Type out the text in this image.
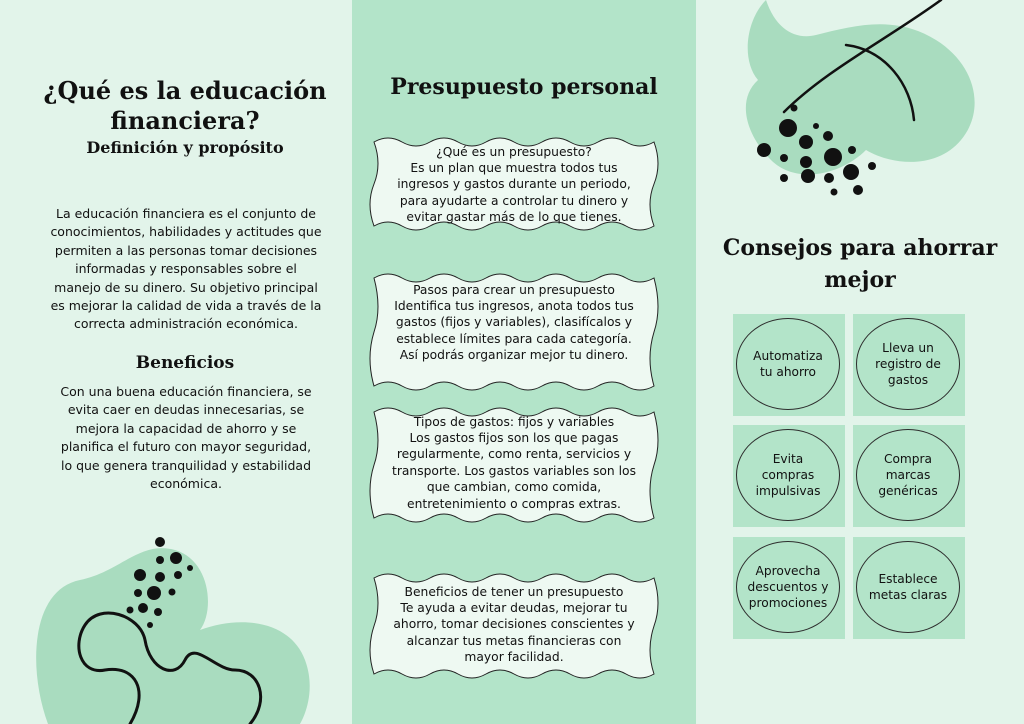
¿Qué es la educación financiera?
Definición y propósito
La educación financiera es el conjunto de conocimientos, habilidades y actitudes que permiten a las personas tomar decisiones informadas y responsables sobre el manejo de su dinero. Su objetivo principal es mejorar la calidad de vida a través de la correcta administración económica.
Beneficios
Con una buena educación financiera, se evita caer en deudas innecesarias, se mejora la capacidad de ahorro y se planifica el futuro con mayor seguridad, lo que genera tranquilidad y estabilidad económica.
Presupuesto personal
¿Qué es un presupuesto?
Es un plan que muestra todos tus ingresos y gastos durante un periodo, para ayudarte a controlar tu dinero y evitar gastar más de lo que tienes.
Pasos para crear un presupuesto
Identifica tus ingresos, anota todos tus gastos (fijos y variables), clasifícalos y establece límites para cada categoría. Así podrás organizar mejor tu dinero.
Tipos de gastos: fijos y variables
Los gastos fijos son los que pagas regularmente, como renta, servicios y transporte. Los gastos variables son los que cambian, como comida, entretenimiento o compras extras.
Beneficios de tener un presupuesto
Te ayuda a evitar deudas, mejorar tu ahorro, tomar decisiones conscientes y alcanzar tus metas financieras con mayor facilidad.
Consejos para ahorrar mejor
Automatiza tu ahorro
Lleva un registro de gastos
Evita compras impulsivas
Compra marcas genéricas
Aprovecha descuentos y promociones
Establece metas claras
